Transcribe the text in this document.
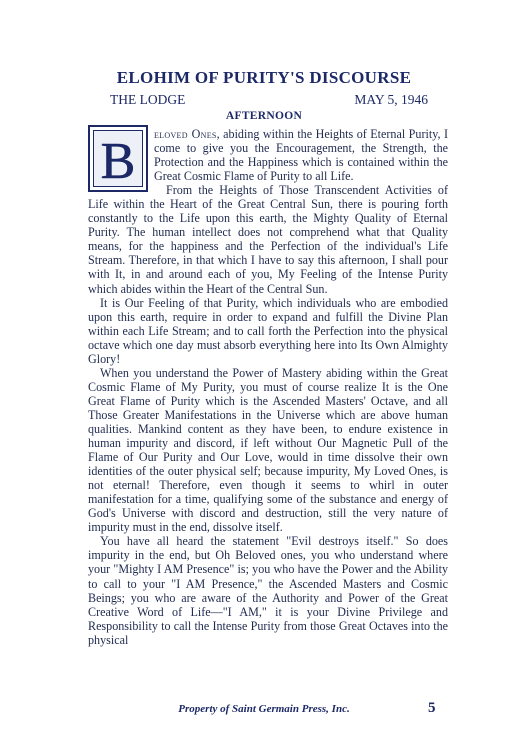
ELOHIM OF PURITY'S DISCOURSE
THE LODGE	MAY 5, 1946
AFTERNOON
B	eloved Ones, abiding within the Heights of Eternal Purity, I come to give you the Encouragement, the Strength, the Protection and the Happiness which is contained within the Great Cosmic Flame of Purity to all Life.

From the Heights of Those Transcendent Activities of Life within the Heart of the Great Central Sun, there is pouring forth constantly to the Life upon this earth, the Mighty Quality of Eternal Purity. The human intellect does not comprehend what that Quality means, for the happiness and the Perfection of the individual's Life Stream. Therefore, in that which I have to say this afternoon, I shall pour with It, in and around each of you, My Feeling of the Intense Purity which abides within the Heart of the Central Sun.

It is Our Feeling of that Purity, which individuals who are embodied upon this earth, require in order to expand and fulfill the Divine Plan within each Life Stream; and to call forth the Perfection into the physical octave which one day must absorb everything here into Its Own Almighty Glory!

When you understand the Power of Mastery abiding within the Great Cosmic Flame of My Purity, you must of course realize It is the One Great Flame of Purity which is the Ascended Masters' Octave, and all Those Greater Manifestations in the Universe which are above human qualities. Mankind content as they have been, to endure existence in human impurity and discord, if left without Our Magnetic Pull of the Flame of Our Purity and Our Love, would in time dissolve their own identities of the outer physical self; because impurity, My Loved Ones, is not eternal! Therefore, even though it seems to whirl in outer manifestation for a time, qualifying some of the substance and energy of God's Universe with discord and destruction, still the very nature of impurity must in the end, dissolve itself.

You have all heard the statement "Evil destroys itself." So does impurity in the end, but Oh Beloved ones, you who understand where your "Mighty I AM Presence" is; you who have the Power and the Ability to call to your "I AM Presence," the Ascended Masters and Cosmic Beings; you who are aware of the Authority and Power of the Great Creative Word of Life—"I AM," it is your Divine Privilege and Responsibility to call the Intense Purity from those Great Octaves into the physical

Property of Saint Germain Press, Inc.	5
